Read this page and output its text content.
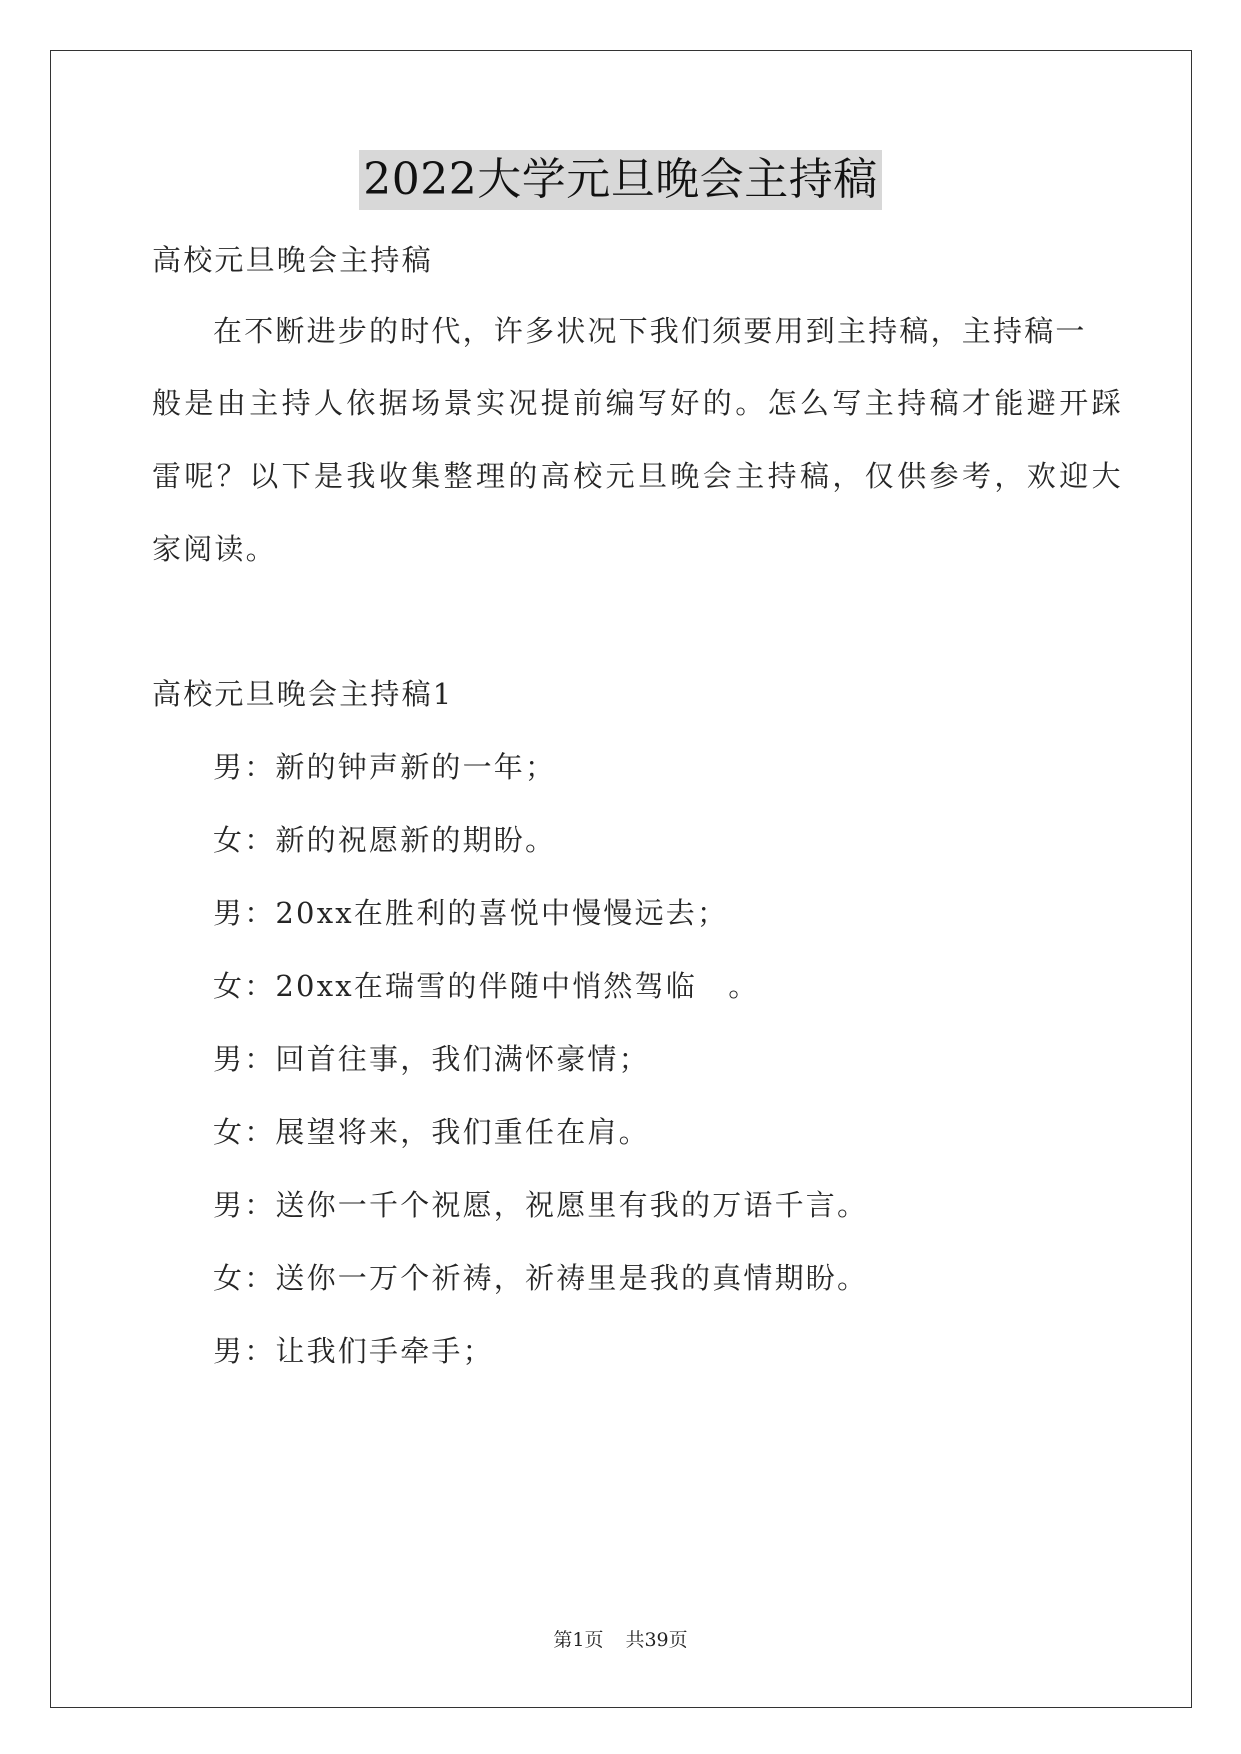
2022大学元旦晚会主持稿
高校元旦晚会主持稿
在不断进步的时代，许多状况下我们须要用到主持稿，主持稿一
般是由主持人依据场景实况提前编写好的。怎么写主持稿才能避开踩
雷呢？以下是我收集整理的高校元旦晚会主持稿，仅供参考，欢迎大
家阅读。
高校元旦晚会主持稿1
男：新的钟声新的一年；
女：新的祝愿新的期盼。
男：20xx在胜利的喜悦中慢慢远去；
女：20xx在瑞雪的伴随中悄然驾临　。
男：回首往事，我们满怀豪情；
女：展望将来，我们重任在肩。
男：送你一千个祝愿，祝愿里有我的万语千言。
女：送你一万个祈祷，祈祷里是我的真情期盼。
男：让我们手牵手；
第1页 共39页
